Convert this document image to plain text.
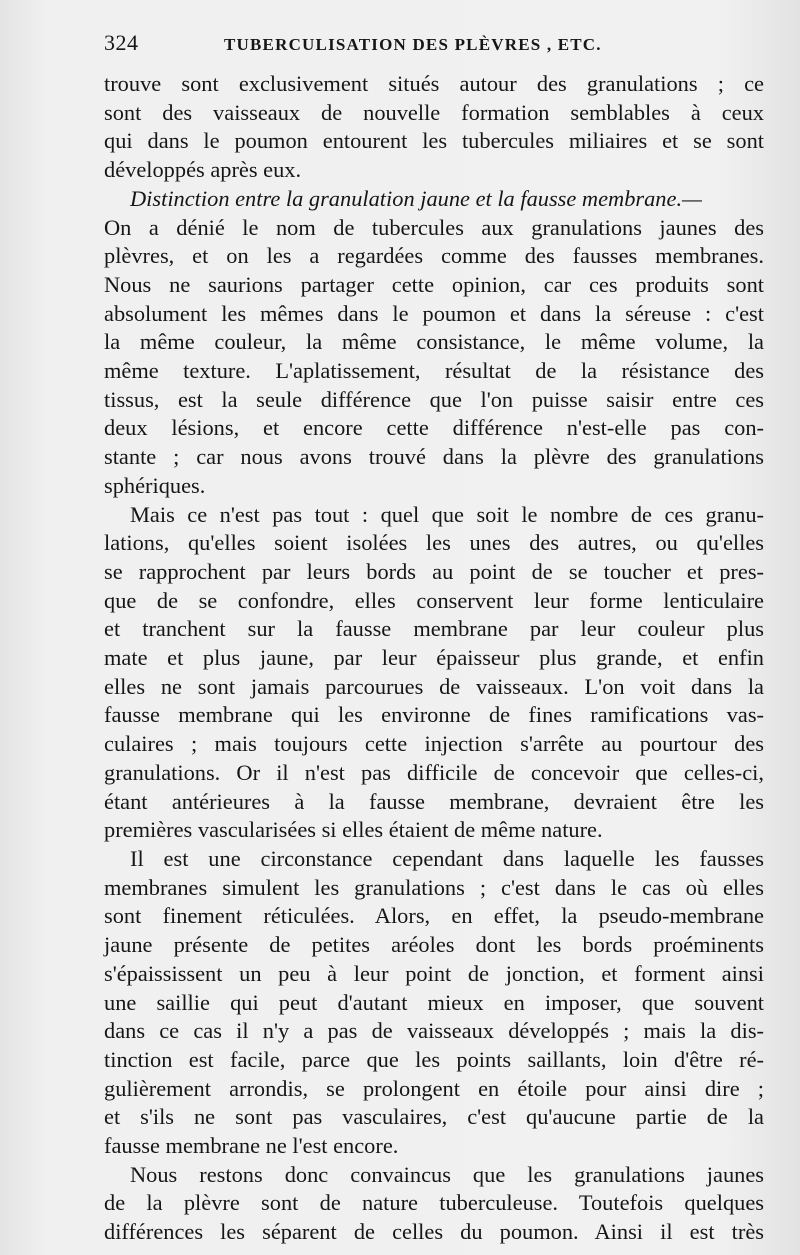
324	TUBERCULISATION DES PLÈVRES , ETC.

trouve sont exclusivement situés autour des granulations ; ce
sont des vaisseaux de nouvelle formation semblables à ceux
qui dans le poumon entourent les tubercules miliaires et se sont
développés après eux.

Distinction entre la granulation jaune et la fausse membrane.—

On a dénié le nom de tubercules aux granulations jaunes des
plèvres, et on les a regardées comme des fausses membranes.
Nous ne saurions partager cette opinion, car ces produits sont
absolument les mêmes dans le poumon et dans la séreuse : c'est
la même couleur, la même consistance, le même volume, la
même texture. L'aplatissement, résultat de la résistance des
tissus, est la seule différence que l'on puisse saisir entre ces
deux lésions, et encore cette différence n'est-elle pas con-
stante ; car nous avons trouvé dans la plèvre des granulations
sphériques.

Mais ce n'est pas tout : quel que soit le nombre de ces granu-
lations, qu'elles soient isolées les unes des autres, ou qu'elles
se rapprochent par leurs bords au point de se toucher et pres-
que de se confondre, elles conservent leur forme lenticulaire
et tranchent sur la fausse membrane par leur couleur plus
mate et plus jaune, par leur épaisseur plus grande, et enfin
elles ne sont jamais parcourues de vaisseaux. L'on voit dans la
fausse membrane qui les environne de fines ramifications vas-
culaires ; mais toujours cette injection s'arrête au pourtour des
granulations. Or il n'est pas difficile de concevoir que celles-ci,
étant antérieures à la fausse membrane, devraient être les
premières vascularisées si elles étaient de même nature.

Il est une circonstance cependant dans laquelle les fausses
membranes simulent les granulations ; c'est dans le cas où elles
sont finement réticulées. Alors, en effet, la pseudo-membrane
jaune présente de petites aréoles dont les bords proéminents
s'épaississent un peu à leur point de jonction, et forment ainsi
une saillie qui peut d'autant mieux en imposer, que souvent
dans ce cas il n'y a pas de vaisseaux développés ; mais la dis-
tinction est facile, parce que les points saillants, loin d'être ré-
gulièrement arrondis, se prolongent en étoile pour ainsi dire ;
et s'ils ne sont pas vasculaires, c'est qu'aucune partie de la
fausse membrane ne l'est encore.

Nous restons donc convaincus que les granulations jaunes
de la plèvre sont de nature tuberculeuse. Toutefois quelques
différences les séparent de celles du poumon. Ainsi il est très
